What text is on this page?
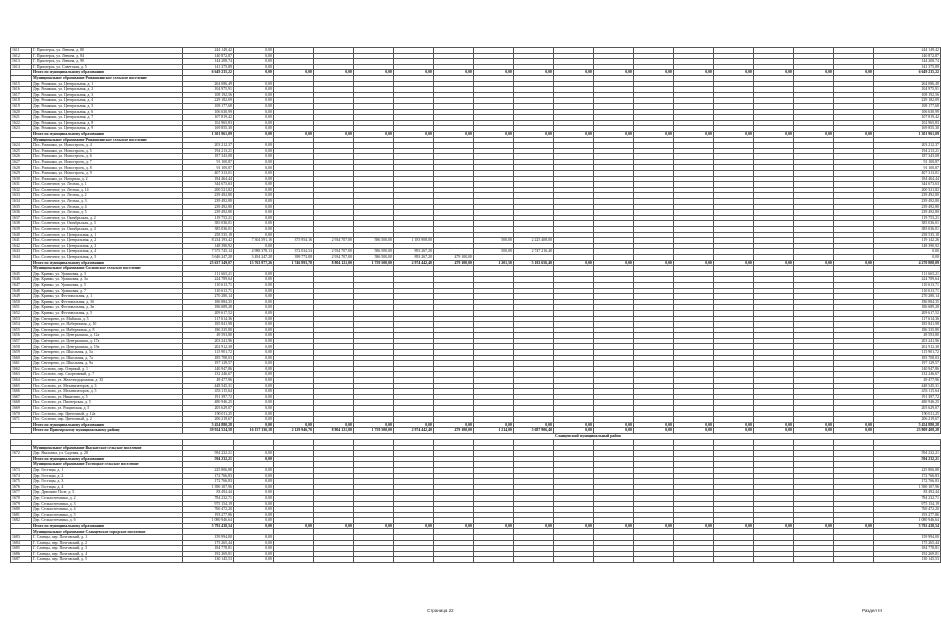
1611	Г. Приозерск, ул. Ленина, д. 80	244 149,42	0,00																244 149,42
1612	Г. Приозерск, ул. Ленина, д. 84	140 872,87	0,00																140 872,87
1613	Г. Приозерск, ул. Ленина, д. 90	144 208,74	0,00																144 208,74
1614	Г. Приозерск, ул. Советская, д. 5	141 375,89	0,00																141 375,89
	Итого по муниципальному образованию	6 649 235,22	0,00	0,00	0,00	0,00	0,00	0,00	0,00	0,00	0,00	0,00	0,00	0,00	0,00	0,00	0,00	0,00	6 649 235,22
	Муниципальное образование Ромашкинское сельское поселение																		
1615	Дер. Ромашки, ул. Центральная, д. 1	264 086,49	0,00																264 086,49
1616	Дер. Ромашки, ул. Центральная, д. 2	104 975,91	0,00																104 975,91
1617	Дер. Ромашки, ул. Центральная, д. 3	108 192,56	0,00																108 192,56
1618	Дер. Ромашки, ул. Центральная, д. 4	229 182,09	0,00																229 182,09
1619	Дер. Ромашки, ул. Центральная, д. 5	108 177,68	0,00																108 177,68
1620	Дер. Ромашки, ул. Центральная, д. 6	106 630,99	0,00																106 630,99
1621	Дер. Ромашки, ул. Центральная, д. 7	107 819,42	0,00																107 819,42
1622	Дер. Ромашки, ул. Центральная, д. 8	102 965,83	0,00																102 965,83
1623	Дер. Ромашки, ул. Центральная, д. 9	169 855,30	0,00																169 855,30
	Итого по муниципальному образованию	1 301 961,09	0,00	0,00	0,00	0,00	0,00	0,00	0,00	0,00	0,00	0,00	0,00	0,00	0,00	0,00	0,00	0,00	1 301 961,09
	Муниципальное образование Ромашкинское сельское поселение																		
1624	Пос. Ромашки, ул. Новостроек, д. 4	203 212,37	0,00																203 212,37
1625	Пос. Ромашки, ул. Новостроек, д. 5	194 213,21	0,00																194 213,21
1626	Пос. Ромашки, ул. Новостроек, д. 6	187 343,08	0,00																187 343,08
1627	Пос. Ромашки, ул. Новостроек, д. 7	91 100,87	0,00																91 100,87
1628	Пос. Ромашки, ул. Новостроек, д. 8	91 100,87	0,00																91 100,87
1629	Пос. Ромашки, ул. Новостроек, д. 9	407 313,01	0,00																407 313,01
1630	Пос. Ромашки, ул. Нагорная, д. 2	184 464,44	0,00																184 464,44
1631	Пос. Солнечное, ул. Лесная, д. 1	344 673,63	0,00																344 673,63
1632	Пос. Солнечное, ул. Лесная, д. 14	200 521,82	0,00																200 521,82
1633	Пос. Солнечное, ул. Лесная, д. 2	239 492,80	0,00																239 492,80
1634	Пос. Солнечное, ул. Лесная, д. 3	239 492,80	0,00																239 492,80
1635	Пос. Солнечное, ул. Лесная, д. 4	239 492,80	0,00																239 492,80
1636	Пос. Солнечное, ул. Лесная, д. 5	239 492,80	0,00																239 492,80
1637	Пос. Солнечное, ул. Октябрьская, д. 2	119 753,21	0,00																119 753,21
1638	Пос. Солнечное, ул. Октябрьская, д. 3	385 036,01	0,00																385 036,01
1639	Пос. Солнечное, ул. Октябрьская, д. 4	385 036,01	0,00																385 036,01
1640	Пос. Солнечное, ул. Центральная, д. 1	258 535,18	0,00																258 535,18
1641	Пос. Солнечное, ул. Центральная, д. 2	8 234 193,42	7 304 591,16	375 954,16	2 934 707,00	586 500,00	1 183 908,00		500,00	2 225 408,00									119 142,26
1642	Пос. Солнечное, ул. Центральная, д. 3	148 390,92	0,00																148 390,92
1643	Пос. Солнечное, ул. Центральная, д. 4	7 575 745,14	4 988 378,13	372 034,54	2 934 707,00	586 500,00	893 267,20		500,00	2 747 216,40									0,00
1644	Пос. Солнечное, ул. Центральная, д. 5	5 646 247,28	3 494 247,28	398 773,08	2 934 707,00	586 500,00	893 267,20	479 100,00											0,00
	Итого по муниципальному образованию	25 637 349,07	15 763 977,26	1 746 893,78	8 804 121,00	1 759 500,00	2 974 442,40	479 100,00	1 201,50	5 182 656,40	0,00	0,00	0,00	0,00	0,00	0,00	0,00	0,00	4 270 808,09
	Муниципальное образование Сосновское сельское поселение																		
1645	Дер. Кривко, ул. Ураиковая, д. 3	111 665,21	0,00																111 665,21
1646	Дер. Кривко, ул. Ураиковая, д. 3а	224 789,64	0,00																224 789,64
1647	Дер. Кривко, ул. Ураиковая, д. 5	110 613,71	0,00																110 613,71
1648	Дер. Кривко, ул. Ураиковая, д. 7	110 613,71	0,00																110 613,71
1649	Дер. Кривко, ул. Фестивальная, д. 1	270 280,14	0,00																270 280,14
1650	Дер. Кривко, ул. Фестивальная, д. 3б	186 884,35	0,00																186 884,35
1651	Дер. Кривко, ул. Фестивальная, д. 3в	186 689,28	0,00																186 689,28
1652	Дер. Кривко, ул. Фестивальная, д. 5	209 617,52	0,00																209 617,52
1653	Дер. Снегирево, ул. Майская, д. 5	117 614,36	0,00																117 614,36
1654	Дер. Снегирево, ул. Набережная, д. 10	185 841,98	0,00																185 841,98
1655	Дер. Снегирево, ул. Набережная, д. 8	186 335,80	0,00																186 335,80
1656	Дер. Снегирево, ул. Центральная, д. 12а	49 593,80	0,00																49 593,80
1657	Дер. Снегирево, ул. Центральная, д. 17а	203 241,96	0,00																203 241,96
1658	Дер. Снегирево, ул. Центральная, д. 19а	202 912,38	0,00																202 912,38
1659	Дер. Снегирево, ул. Школьная, д. 5а	115 901,72	0,00																115 901,72
1660	Дер. Снегирево, ул. Школьная, д. 7а	185 708,03	0,00																185 708,03
1661	Дер. Снегирево, ул. Школьная, д. 9а	197 129,57	0,00																197 129,57
1662	Пос. Сосново, пер. Озерный, д. 1	140 947,86	0,00																140 947,86
1663	Пос. Сосново, пер. Спортивный, д. 7	132 246,67	0,00																132 246,67
1664	Пос. Сосново, ул. Железнодорожная, д. 35	49 477,96	0,00																49 477,96
1665	Пос. Сосново, ул. Механизаторов, д. 3	448 545,31	0,00																448 545,31
1666	Пос. Сосново, ул. Механизаторов, д. 5	453 115,64	0,00																453 115,64
1667	Пос. Сосново, ул. Никитина, д. 5	191 397,72	0,00																191 397,72
1668	Пос. Сосново, ул. Пионерская, д. 5	480 946,25	0,00																480 946,25
1669	Пос. Сосново, ул. Рощинская, д. 5	205 629,07	0,00																205 629,07
1670	Пос. Сосново, пер. Цветочный, д. 12а	190 011,25	0,00																190 011,25
1671	Пос. Сосново, пер. Цветочный, д. 2	206 219,67	0,00																206 219,67
	Итого по муниципальному образованию	5 454 880,28	0,00	0,00	0,00	0,00	0,00	0,00	0,00	0,00	0,00	0,00	0,00	0,00	0,00	0,00	0,00	0,00	5 454 880,28
	Итого по Приозерскому муниципальному району	39 924 524,58	16 157 136,18	2 129 946,70	8 804 121,00	1 759 500,00	2 974 442,40	479 100,00	1 214,00	5 687 906,40	0,00	0,00	0,00	0,00	0,00	0,00	0,00	0,00	23 809 408,28
											Сланцевский муниципальный район								

	Муниципальное образование Выскатское сельское поселение																		
1672	Дер. Выскатка, ул. Садовая, д. 28	594 232,21	0,00																594 232,21
	Итого по муниципальному образованию	594 232,21	0,00																594 232,21
	Муниципальное образование Гостицкое сельское поселение																		
1673	Дер. Гостицы, д. 1	225 806,88	0,00																225 806,88
1674	Дер. Гостицы, д. 2	172 766,83	0,00																172 766,83
1675	Дер. Гостицы, д. 3	172 766,83	0,00																172 766,83
1676	Дер. Гостицы, д. 4	1 390 107,96	0,00																1 390 107,96
1677	Дер. Дрюпино Поле, д. 5	83 492,44	0,00																83 492,44
1678	Дер. Сельхозтехника, д. 2	784 232,71	0,00																784 232,71
1679	Дер. Сельхозтехника, д. 3	975 154,19	0,00																975 154,19
1680	Дер. Сельхозтехника, д. 4	760 472,20	0,00																760 472,20
1681	Дер. Сельхозтехника, д. 5	193 277,86	0,00																193 277,86
1682	Дер. Сельхозтехника, д. 6	1 080 946,64	0,00																1 080 946,64
	Итого по муниципальному образованию	5 792 438,54	0,00	0,00	0,00	0,00	0,00	0,00	0,00	0,00	0,00	0,00	0,00	0,00	0,00	0,00	0,00	0,00	5 792 438,54
	Муниципальное образование Сланцевское городское поселение																		
1683	Г. Сланцы, пер. Почтовский, д. 1	159 994,00	0,00																159 994,00
1684	Г. Сланцы, пер. Почтовский, д. 2	175 265,44	0,00																175 265,44
1685	Г. Сланцы, пер. Почтовский, д. 3	184 778,81	0,00																184 778,81
1686	Г. Сланцы, пер. Почтовский, д. 4	192 269,81	0,00																192 269,81
1687	Г. Сланцы, пер. Почтовский, д. 5	130 145,53	0,00																130 145,53
Страница 22	Раздел III
